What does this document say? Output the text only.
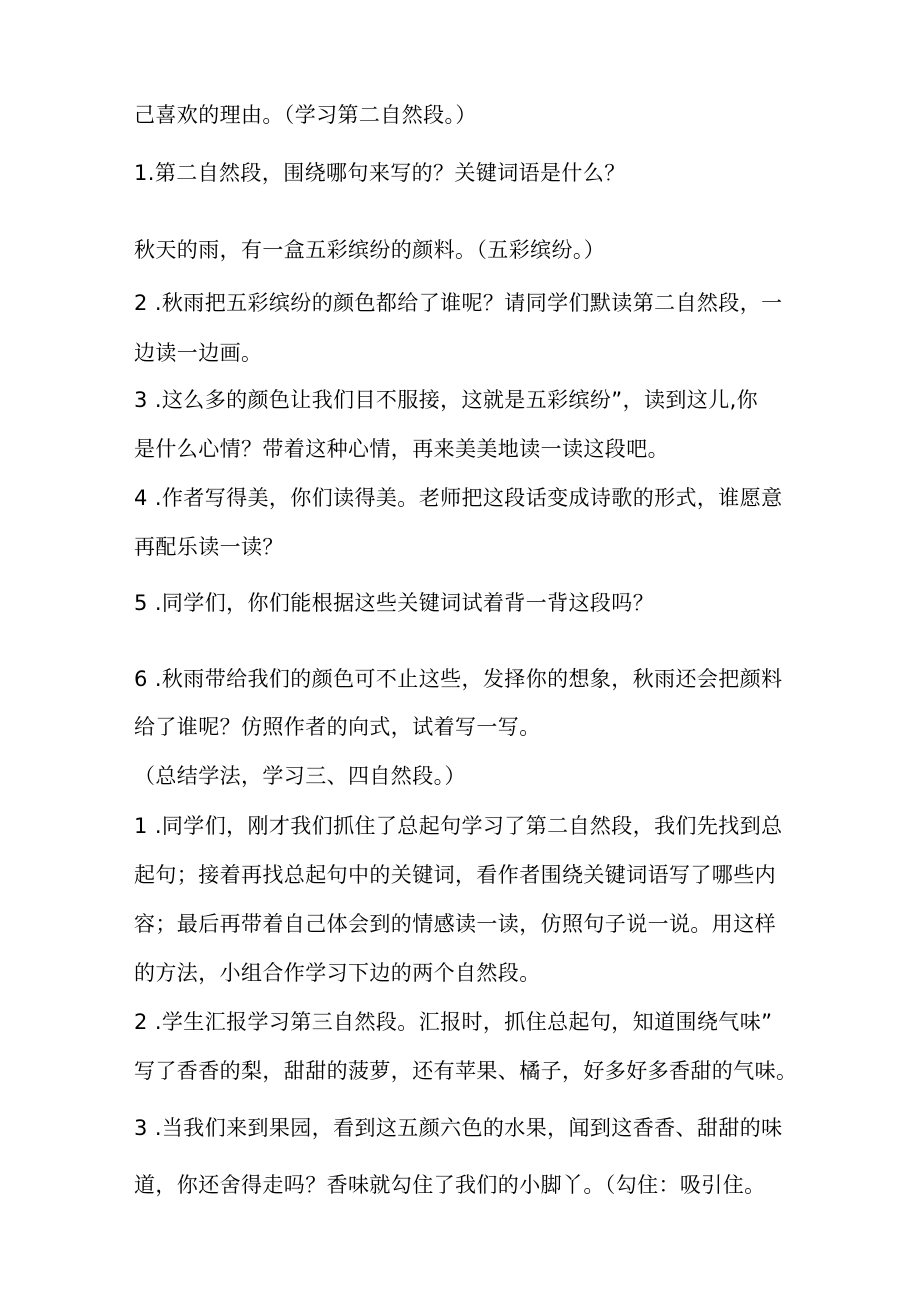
己喜欢的理由。（学习第二自然段。）
1.第二自然段，围绕哪句来写的？关键词语是什么？
秋天的雨，有一盒五彩缤纷的颜料。（五彩缤纷。）
2 .秋雨把五彩缤纷的颜色都给了谁呢？请同学们默读第二自然段，一
边读一边画。
3 .这么多的颜色让我们目不服接，这就是五彩缤纷”，读到这儿,你
是什么心情？带着这种心情，再来美美地读一读这段吧。
4 .作者写得美，你们读得美。老师把这段话变成诗歌的形式，谁愿意
再配乐读一读？
5 .同学们，你们能根据这些关键词试着背一背这段吗？
6 .秋雨带给我们的颜色可不止这些，发择你的想象，秋雨还会把颜料
给了谁呢？仿照作者的向式，试着写一写。
（总结学法，学习三、四自然段。）
1 .同学们，刚才我们抓住了总起句学习了第二自然段，我们先找到总
起句；接着再找总起句中的关键词，看作者围绕关键词语写了哪些内
容；最后再带着自己体会到的情感读一读，仿照句子说一说。用这样
的方法，小组合作学习下边的两个自然段。
2 .学生汇报学习第三自然段。汇报时，抓住总起句，知道围绕气味”
写了香香的梨，甜甜的菠萝，还有苹果、橘子，好多好多香甜的气味。
3 .当我们来到果园，看到这五颜六色的水果，闻到这香香、甜甜的味
道，你还舍得走吗？香味就勾住了我们的小脚丫。（勾住：吸引住。
